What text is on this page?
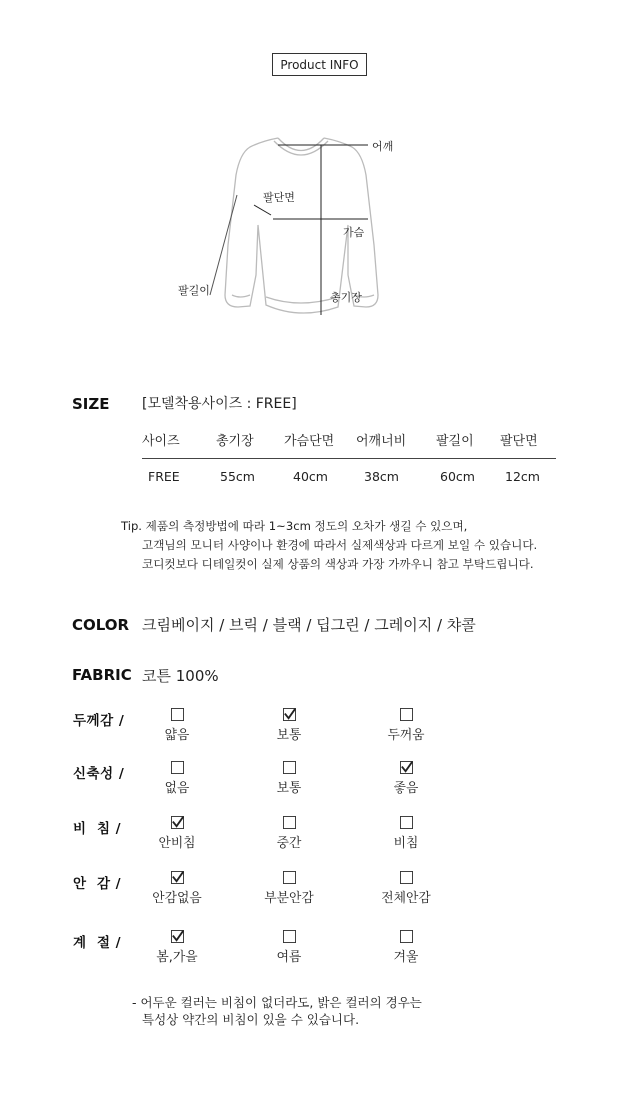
Product INFO
어깨
팔단면
가슴
팔길이
총기장
SIZE [모델착용사이즈 : FREE]
사이즈	총기장 가슴단면 어깨너비 팔길이 팔단면
FREE	55cm	40cm	38cm	60cm 12cm
Tip. 제품의 측정방법에 따라 1~3cm 정도의 오차가 생길 수 있으며,
고객님의 모니터 사양이나 환경에 따라서 실제색상과 다르게 보일 수 있습니다.
코디컷보다 디테일컷이 실제 상품의 색상과 가장 가까우니 참고 부탁드립니다.
COLOR 크림베이지 / 브릭 / 블랙 / 딥그린 / 그레이지 / 챠콜
FABRIC 코튼 100%
두께감 /
얇음	보통	두꺼움
신축성 /
없음	보통	좋음
비  침 /
안비침	중간	비침
안  감 /
안감없음	부분안감	전체안감
계  절 /
봄,가을	여름	겨울
- 어두운 컬러는 비침이 없더라도, 밝은 컬러의 경우는
특성상 약간의 비침이 있을 수 있습니다.
